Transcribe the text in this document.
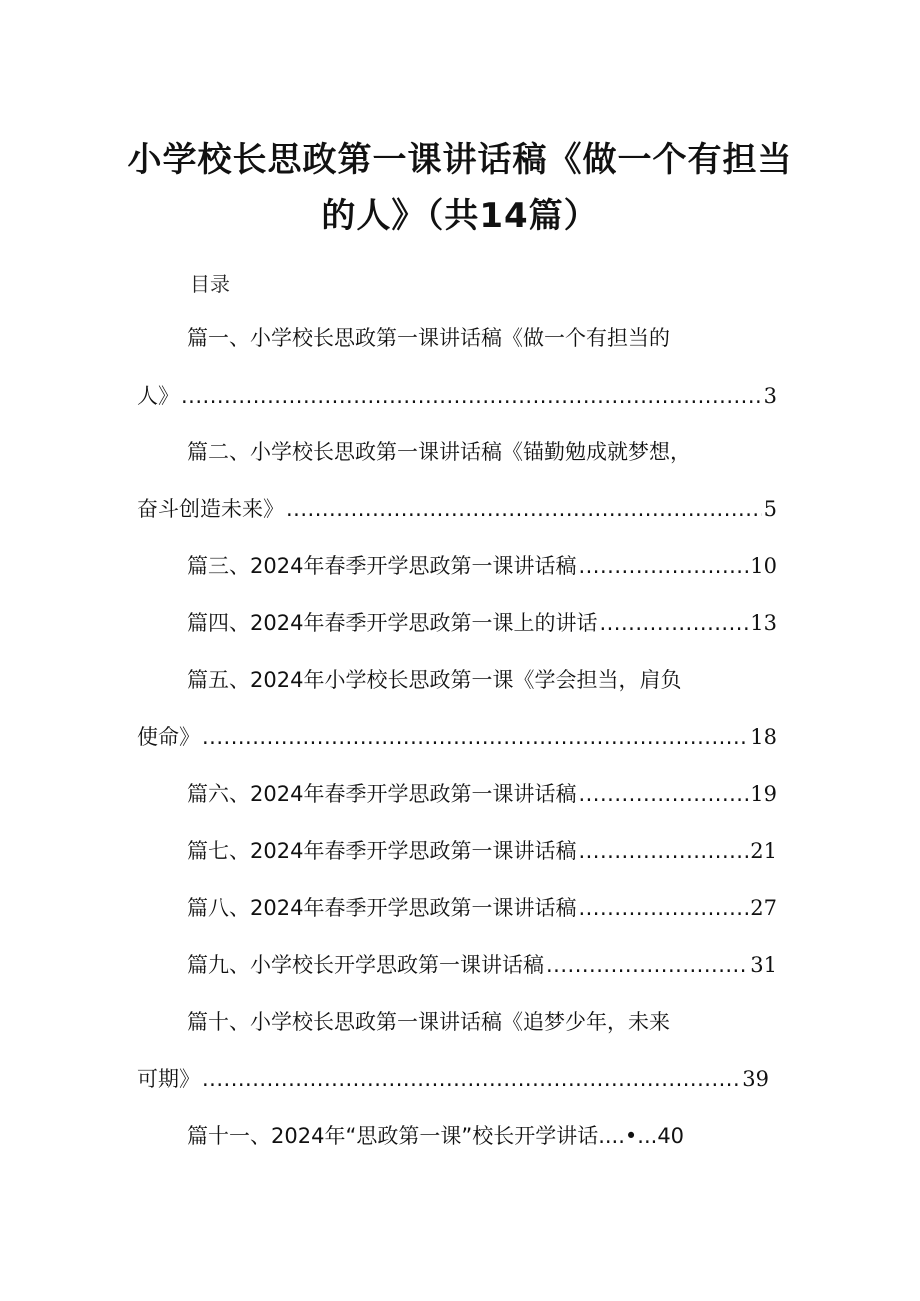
小学校长思政第一课讲话稿《做一个有担当
的人》（共14篇）
目录
篇一、小学校长思政第一课讲话稿《做一个有担当的
人》 .....	3
篇二、小学校长思政第一课讲话稿《锚勤勉成就梦想，
奋斗创造未来》 .....	5
篇三、2024年春季开学思政第一课讲话稿 .....	10
篇四、2024年春季开学思政第一课上的讲话 .....	13
篇五、2024年小学校长思政第一课《学会担当，肩负
使命》 .....	18
篇六、2024年春季开学思政第一课讲话稿 .....	19
篇七、2024年春季开学思政第一课讲话稿 .....	21
篇八、2024年春季开学思政第一课讲话稿 .....	27
篇九、小学校长开学思政第一课讲话稿 .....	31
篇十、小学校长思政第一课讲话稿《追梦少年，未来
可期》 .....	39
篇十一、2024年“思政第一课”校长开学讲话....•...40
